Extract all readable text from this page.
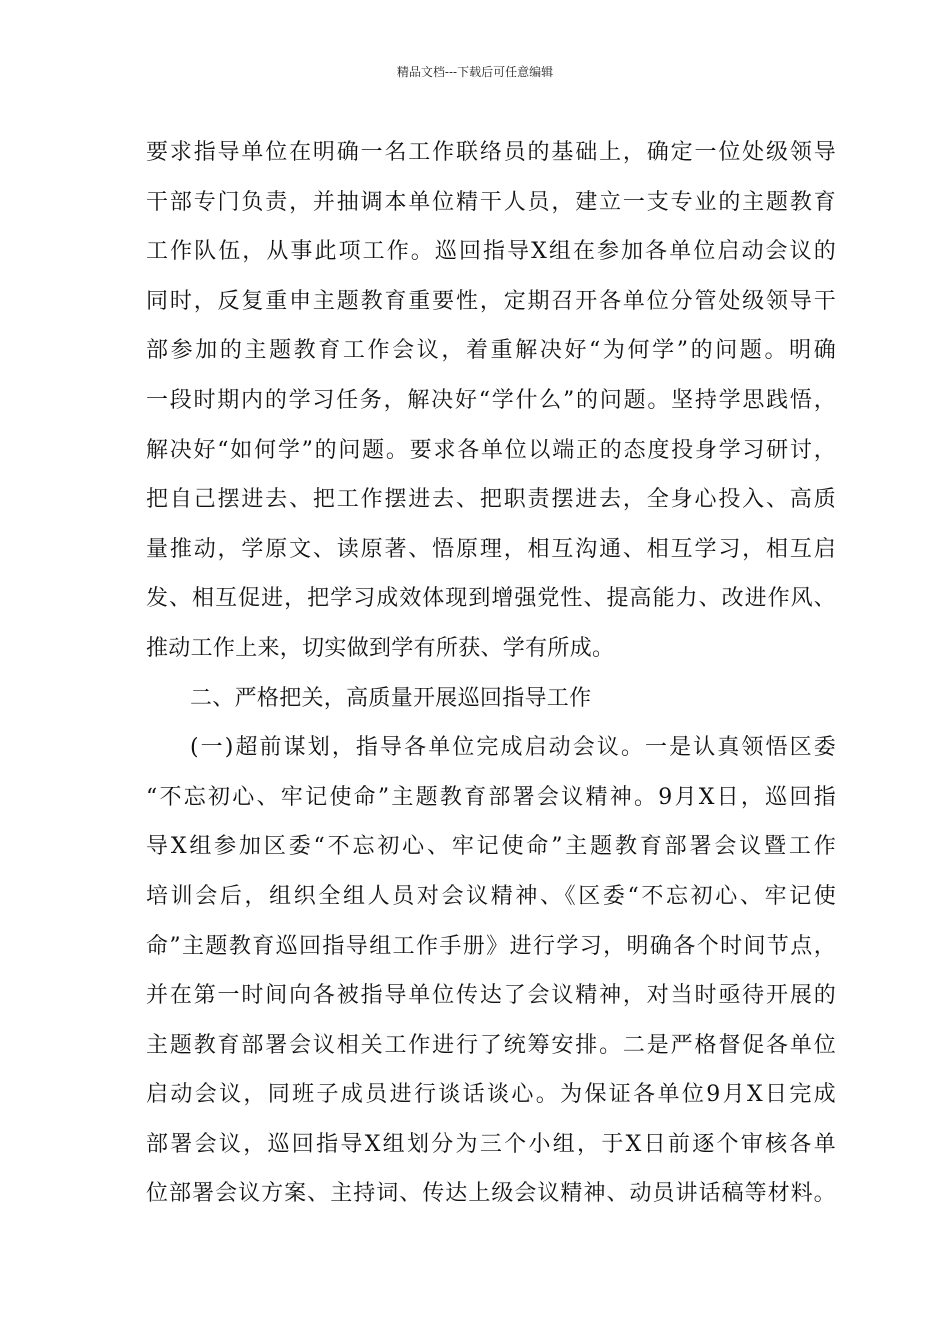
精品文档---下载后可任意编辑
要求指导单位在明确一名工作联络员的基础上，确定一位处级领导
干部专门负责，并抽调本单位精干人员，建立一支专业的主题教育
工作队伍，从事此项工作。巡回指导X组在参加各单位启动会议的
同时，反复重申主题教育重要性，定期召开各单位分管处级领导干
部参加的主题教育工作会议，着重解决好“为何学”的问题。明确
一段时期内的学习任务，解决好“学什么”的问题。坚持学思践悟，
解决好“如何学”的问题。要求各单位以端正的态度投身学习研讨，
把自己摆进去、把工作摆进去、把职责摆进去，全身心投入、高质
量推动，学原文、读原著、悟原理，相互沟通、相互学习，相互启
发、相互促进，把学习成效体现到增强党性、提高能力、改进作风、
推动工作上来，切实做到学有所获、学有所成。
二、严格把关，高质量开展巡回指导工作
(一)超前谋划，指导各单位完成启动会议。一是认真领悟区委
“不忘初心、牢记使命”主题教育部署会议精神。9月X日，巡回指
导X组参加区委“不忘初心、牢记使命”主题教育部署会议暨工作
培训会后，组织全组人员对会议精神、《区委“不忘初心、牢记使
命”主题教育巡回指导组工作手册》进行学习，明确各个时间节点，
并在第一时间向各被指导单位传达了会议精神，对当时亟待开展的
主题教育部署会议相关工作进行了统筹安排。二是严格督促各单位
启动会议，同班子成员进行谈话谈心。为保证各单位9月X日完成
部署会议，巡回指导X组划分为三个小组，于X日前逐个审核各单
位部署会议方案、主持词、传达上级会议精神、动员讲话稿等材料。
